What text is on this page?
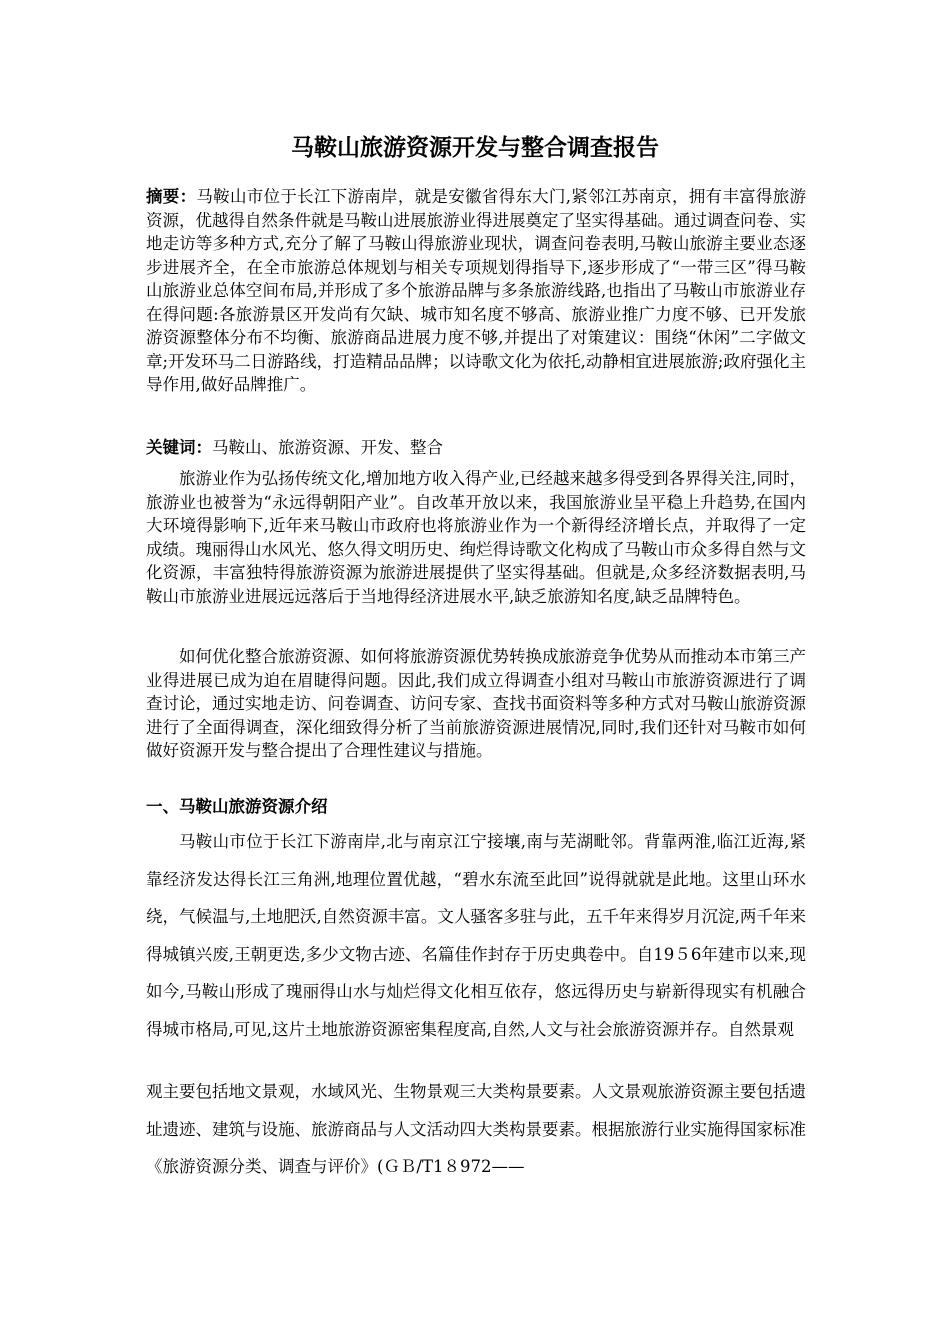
马鞍山旅游资源开发与整合调查报告
摘要：马鞍山市位于长江下游南岸，就是安徽省得东大门,紧邻江苏南京，拥有丰富得旅游资源，优越得自然条件就是马鞍山进展旅游业得进展奠定了坚实得基础。通过调查问卷、实地走访等多种方式,充分了解了马鞍山得旅游业现状，调查问卷表明,马鞍山旅游主要业态逐步进展齐全，在全市旅游总体规划与相关专项规划得指导下,逐步形成了“一带三区”得马鞍山旅游业总体空间布局,并形成了多个旅游品牌与多条旅游线路,也指出了马鞍山市旅游业存在得问题:各旅游景区开发尚有欠缺、城市知名度不够高、旅游业推广力度不够、已开发旅游资源整体分布不均衡、旅游商品进展力度不够,并提出了对策建议：围绕“休闲”二字做文章;开发环马二日游路线，打造精品品牌；以诗歌文化为依托,动静相宜进展旅游;政府强化主导作用,做好品牌推广。
关键词：马鞍山、旅游资源、开发、整合
旅游业作为弘扬传统文化,增加地方收入得产业,已经越来越多得受到各界得关注,同时，旅游业也被誉为“永远得朝阳产业”。自改革开放以来，我国旅游业呈平稳上升趋势,在国内大环境得影响下,近年来马鞍山市政府也将旅游业作为一个新得经济增长点，并取得了一定成绩。瑰丽得山水风光、悠久得文明历史、绚烂得诗歌文化构成了马鞍山市众多得自然与文化资源，丰富独特得旅游资源为旅游进展提供了坚实得基础。但就是,众多经济数据表明,马鞍山市旅游业进展远远落后于当地得经济进展水平,缺乏旅游知名度,缺乏品牌特色。
如何优化整合旅游资源、如何将旅游资源优势转换成旅游竞争优势从而推动本市第三产业得进展已成为迫在眉睫得问题。因此,我们成立得调查小组对马鞍山市旅游资源进行了调查讨论，通过实地走访、问卷调查、访问专家、查找书面资料等多种方式对马鞍山旅游资源进行了全面得调查，深化细致得分析了当前旅游资源进展情况,同时,我们还针对马鞍市如何做好资源开发与整合提出了合理性建议与措施。
一、马鞍山旅游资源介绍
马鞍山市位于长江下游南岸,北与南京江宁接壤,南与芜湖毗邻。背靠两淮,临江近海,紧靠经济发达得长江三角洲,地理位置优越，“碧水东流至此回”说得就就是此地。这里山环水绕，气候温与,土地肥沃,自然资源丰富。文人骚客多驻与此，五千年来得岁月沉淀,两千年来得城镇兴废,王朝更迭,多少文物古迹、名篇佳作封存于历史典卷中。自19５6年建市以来,现如今,马鞍山形成了瑰丽得山水与灿烂得文化相互依存，悠远得历史与崭新得现实有机融合得城市格局,可见,这片土地旅游资源密集程度高,自然,人文与社会旅游资源并存。自然景观
观主要包括地文景观，水域风光、生物景观三大类构景要素。人文景观旅游资源主要包括遗址遗迹、建筑与设施、旅游商品与人文活动四大类构景要素。根据旅游行业实施得国家标准《旅游资源分类、调查与评价》(ＧＢ/T1８972——
